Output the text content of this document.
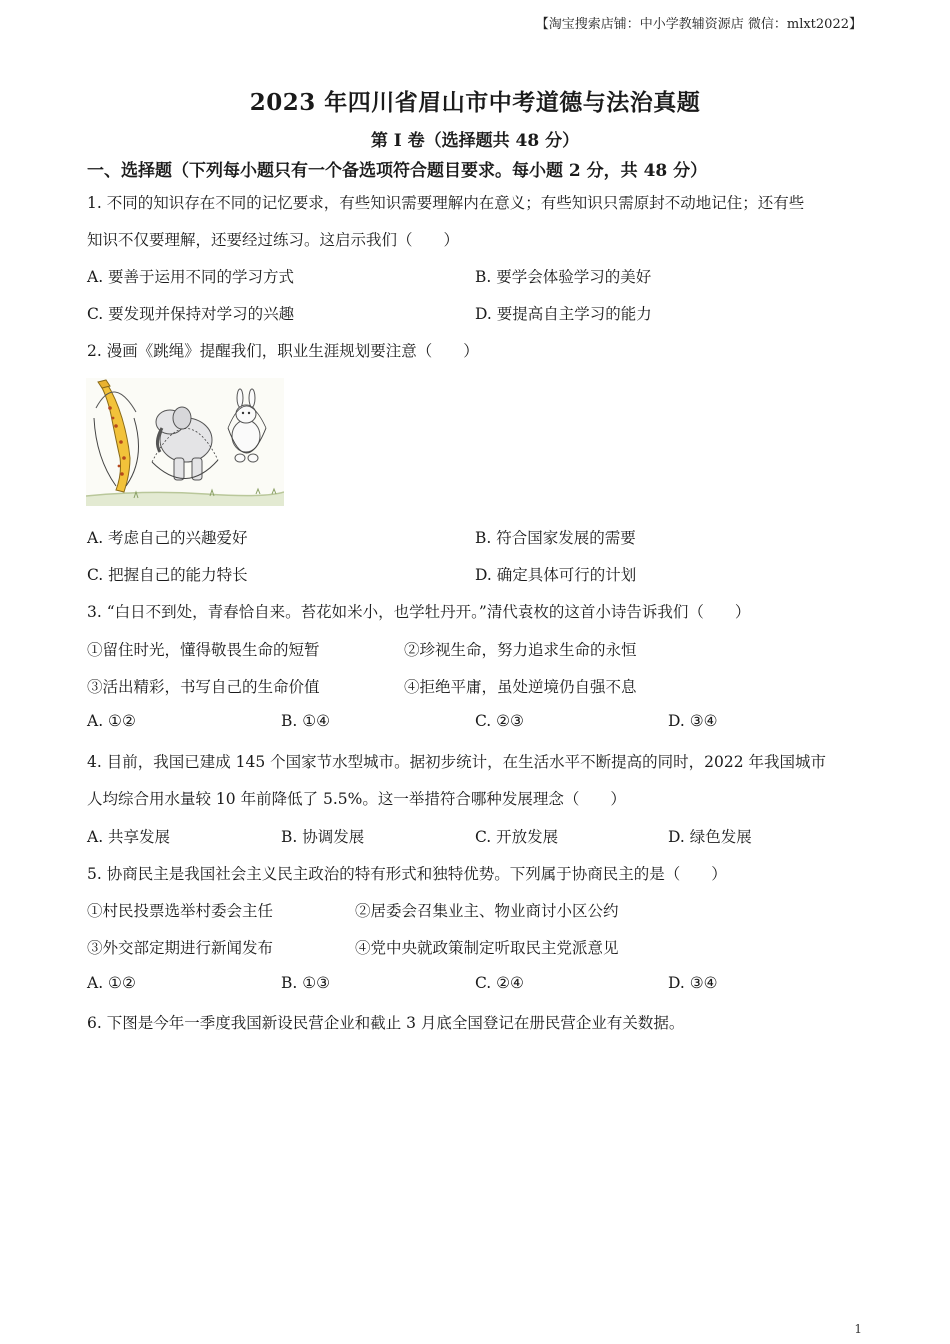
【淘宝搜索店铺：中小学教辅资源店 微信：mlxt2022】
2023 年四川省眉山市中考道德与法治真题
第 I 卷（选择题共 48 分）
一、选择题（下列每小题只有一个备选项符合题目要求。每小题 2 分，共 48 分）
1. 不同的知识存在不同的记忆要求，有些知识需要理解内在意义；有些知识只需原封不动地记住；还有些
知识不仅要理解，还要经过练习。这启示我们（　　）
A. 要善于运用不同的学习方式	B. 要学会体验学习的美好
C. 要发现并保持对学习的兴趣	D. 要提高自主学习的能力
2. 漫画《跳绳》提醒我们，职业生涯规划要注意（　　）
A. 考虑自己的兴趣爱好	B. 符合国家发展的需要
C. 把握自己的能力特长	D. 确定具体可行的计划
3. “白日不到处，青春恰自来。苔花如米小，也学牡丹开。”清代袁枚的这首小诗告诉我们（　　）
①留住时光，懂得敬畏生命的短暂	②珍视生命，努力追求生命的永恒
③活出精彩，书写自己的生命价值	④拒绝平庸，虽处逆境仍自强不息
A. ①②	B. ①④	C. ②③	D. ③④
4. 目前，我国已建成 145 个国家节水型城市。据初步统计，在生活水平不断提高的同时，2022 年我国城市
人均综合用水量较 10 年前降低了 5.5%。这一举措符合哪种发展理念（　　）
A. 共享发展	B. 协调发展	C. 开放发展	D. 绿色发展
5. 协商民主是我国社会主义民主政治的特有形式和独特优势。下列属于协商民主的是（　　）
①村民投票选举村委会主任	②居委会召集业主、物业商讨小区公约
③外交部定期进行新闻发布	④党中央就政策制定听取民主党派意见
A. ①②	B. ①③	C. ②④	D. ③④
6. 下图是今年一季度我国新设民营企业和截止 3 月底全国登记在册民营企业有关数据。
1
